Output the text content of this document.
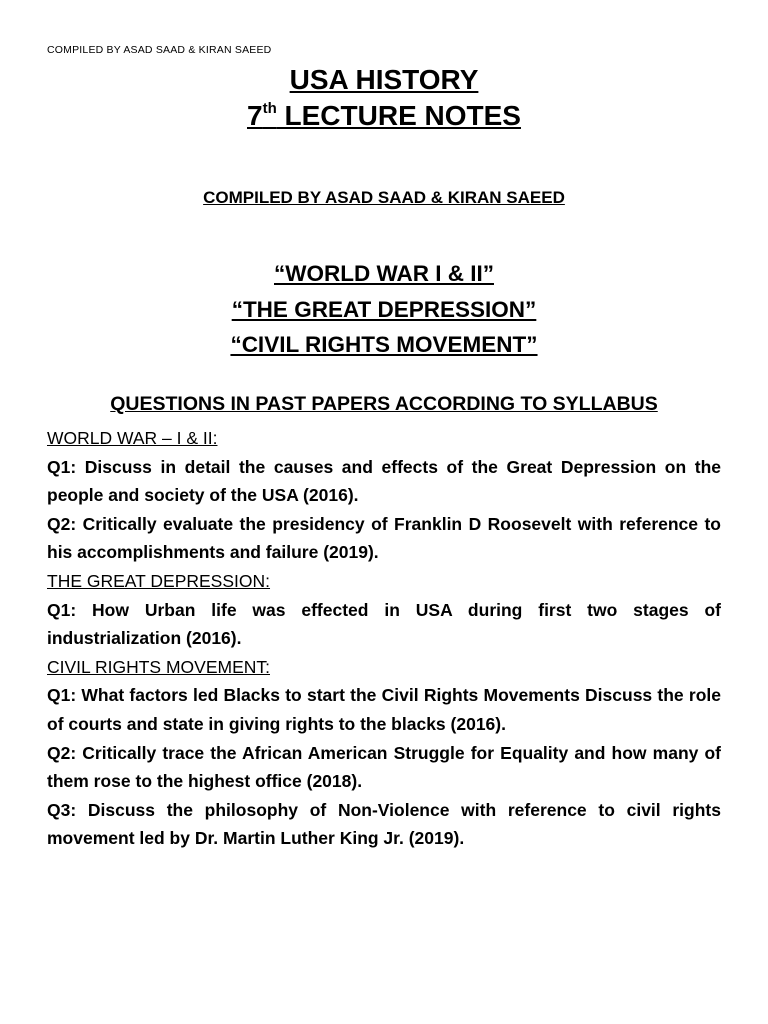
COMPILED BY ASAD SAAD & KIRAN SAEED

USA HISTORY

7th LECTURE NOTES

COMPILED BY ASAD SAAD & KIRAN SAEED

“WORLD WAR I & II”

“THE GREAT DEPRESSION”

“CIVIL RIGHTS MOVEMENT”

QUESTIONS IN PAST PAPERS ACCORDING TO SYLLABUS

WORLD WAR – I & II:

Q1: Discuss in detail the causes and effects of the Great Depression on the people and society of the USA (2016).

Q2: Critically evaluate the presidency of Franklin D Roosevelt with reference to his accomplishments and failure (2019).

THE GREAT DEPRESSION:

Q1: How Urban life was effected in USA during first two stages of industrialization (2016).

CIVIL RIGHTS MOVEMENT:

Q1: What factors led Blacks to start the Civil Rights Movements Discuss the role of courts and state in giving rights to the blacks (2016).

Q2: Critically trace the African American Struggle for Equality and how many of them rose to the highest office (2018).

Q3: Discuss the philosophy of Non-Violence with reference to civil rights movement led by Dr. Martin Luther King Jr. (2019).
